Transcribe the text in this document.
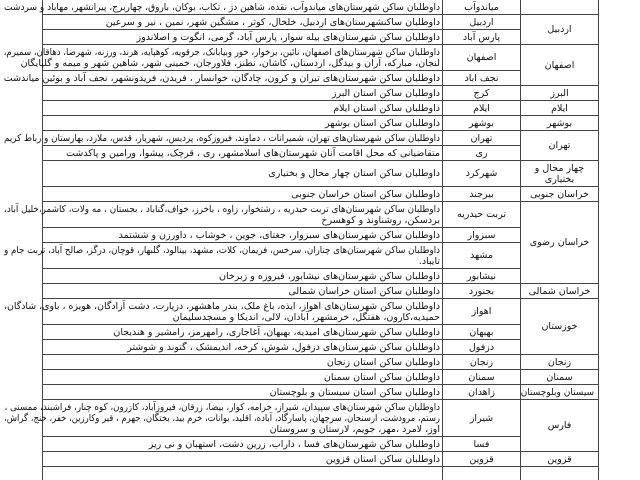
	میاندوآب	داوطلبان ساکن شهرستان‌های میاندوآب، نقده، شاهین دژ ، تکاب، بوکان، باروق، چهاربرج، پیرانشهر، مهاباد و سردشت

اردبیل	اردبیل	داوطلبان ساکنشهرستان‌های اردبیل، خلخال، کوثر ، مشگین شهر، نمین ، نیر و سرعین

	پارس آباد	داوطلبان ساکن شهرستان‌های بیله سوار، پارس آباد، گرمی، انگوت و اصلاندوز

اصفهان	اصفهان	داوطلبان ساکن شهرستان‌های اصفهان، نائین، برخوار، خور وبیابانک، جرقویه، کوهپایه، هرند، ورزنه، شهرضا، دهاقان، سمیرم،
لنجان، مبارکه، آران و بیدگل، اردستان، کاشان، نطنز، فلاورجان، خمینی شهر، شاهین شهر و میمه و گلپایگان

	نجف اباد	داوطلبان ساکن شهرستان‌های تیران و کرون، چادگان، خوانسار ، فریدن، فریدونشهر، نجف آباد و بوئین میاندشت

البرز	کرج	داوطلبان ساکن استان البرز

ایلام	ایلام	داوطلبان ساکن استان ایلام

بوشهر	بوشهر	داوطلبان ساکن استان بوشهر

تهران	تهران	داوطلبان ساکن شهرستان‌های تهران، شمیرانات ، دماوند، فیروزکوه، پردیس، شهریار، قدس، ملارد، بهارستان و رباط کریم

	ری	متقاضیانی که محل اقامت آنان شهرستان‌های اسلامشهر، ری ، قرچک، پیشوا، ورامین و پاکدشت

چهار محال و
بختیاری	شهرکرد	داوطلبان ساکن استان چهار محال و بختیاری

خراسان جنوبی	بیرجند	داوطلبان ساکن استان خراسان جنوبی

خراسان رضوی	تربت حیدریه	داوطلبان ساکن شهرستان‌های تربت حیدریه ، رشتخوار، زاوه ، باخرز، خواف،گناباد ، بجستان ، مه ولات، کاشمر،خلیل آباد،
بردسکن، روشناوند و کوهسرخ

	سبزوار	داوطلبان ساکن شهرستان‌های سبزوار، جغتای، جوین ، خوشاب ، داورزن و ششتمد

	مشهد	داوطلبان ساکن شهرستان‌های چناران، سرخس، فریمان، کلات، مشهد، بینالود، گلبهار، قوچان، درگز، صالح آباد، تربت جام و
تایباد.

	نیشابور	داوطلبان ساکن شهرستان‌های نیشابور، فیروزه و زبرخان

خراسان شمالی	بجنورد	داوطلبان ساکن استان خراسان شمالی

خوزستان	اهواز	داوطلبان ساکن شهرستان‌های اهواز، ایذه، باغ ملک، بندر ماهشهر، دزپارت، دشت آزادگان، هویزه ، باوی، شادگان،
حمیدیه،کارون، هفتگل، خرمشهر، آبادان، لالی، اندیکا و مسجدسلیمان

	بهبهان	داوطلبان ساکن شهرستان‌های امیدیه، بهبهان، آغاجاری، رامهرمز، رامشیر و هندیجان

	دزفول	داوطلبان ساکن شهرستان‌های دزفول، شوش، کرخه، اندیمشک ، گتوند و شوشتر

زنجان	زنجان	داوطلبان ساکن استان زنجان

سمنان	سمنان	داوطلبان ساکن استان سمنان

سیستان وبلوچستان	زاهدان	داوطلبان ساکن استان سیستان و بلوچستان

فارس	شیراز	داوطلبان ساکن شهرستان‌های سپیدان، شیراز، خرامه، کوار، بیضا، زرقان، فیروزآباد، کازرون، کوه چنار، فراشبند، ممسنی ،
رستم، مرودشت، ارسنجان، سرچهان، پاسارگاد، آباده، اقلید، بوانات، خرم بید، بختگان، جهرم ، قیر وکارزین، خفر، خنج، گراش،
اوز، لامرد ،مهر، جویم، لارستان و سروستان

	فسا	داوطلبان ساکن شهرستان‌های فسا ، داراب، زرین دشت، استهبان و نی ریز

قزوین	قزوین	داوطلبان ساکن استان قزوین
